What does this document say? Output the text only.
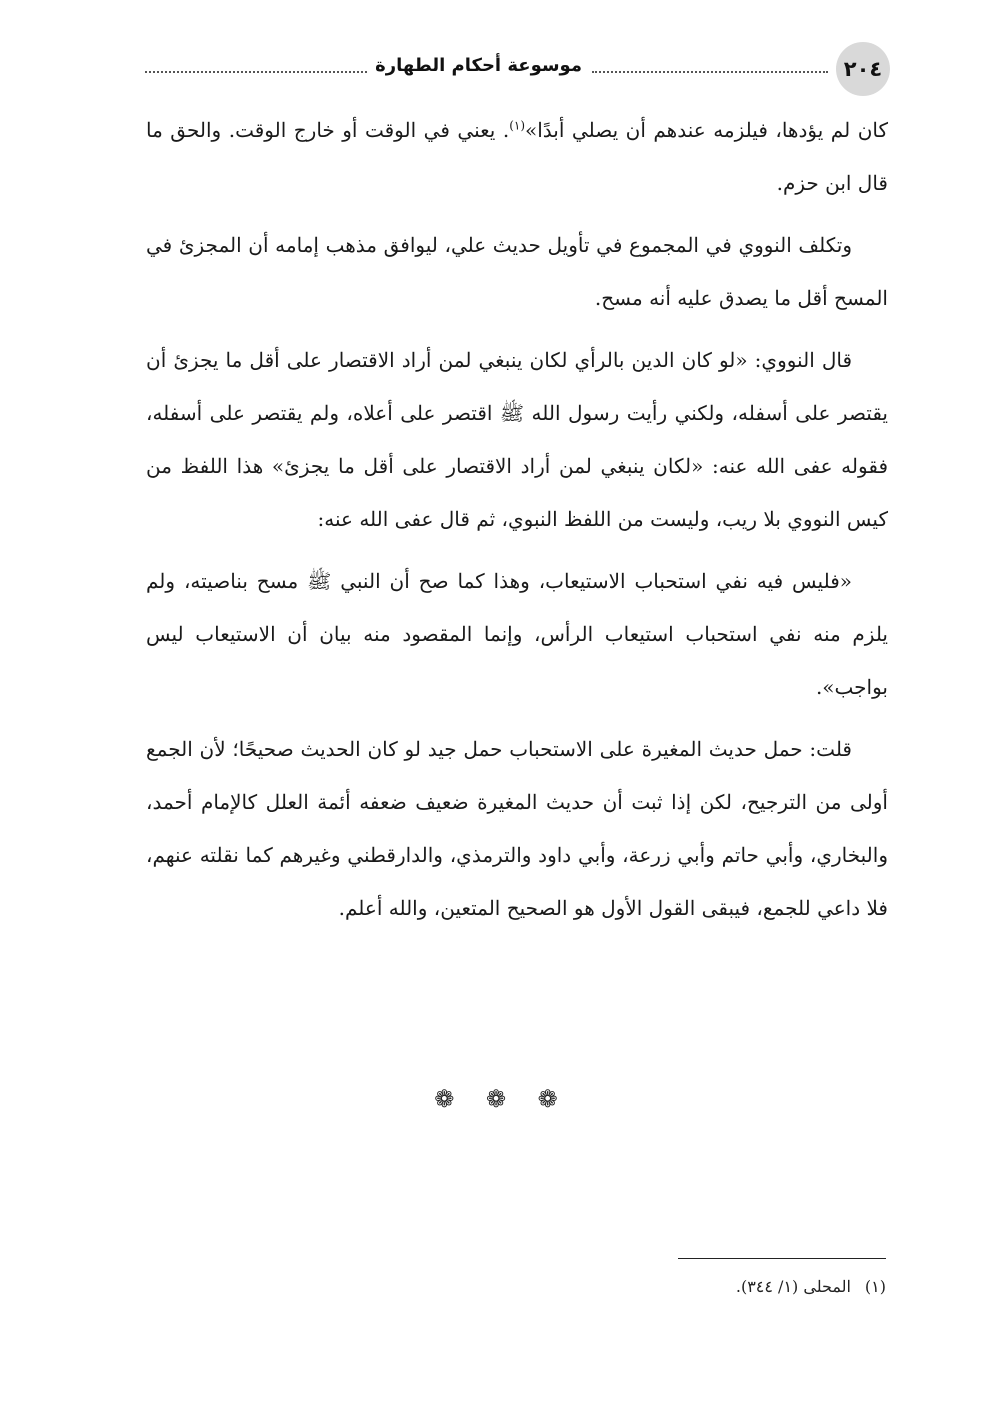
٢٠٤
موسوعة أحكام الطهارة

كان لم يؤدها، فيلزمه عندهم أن يصلي أبدًا»$^{(١)}$. يعني في الوقت أو خارج الوقت. والحق ما قال ابن حزم.

وتكلف النووي في المجموع في تأويل حديث علي، ليوافق مذهب إمامه أن المجزئ في المسح أقل ما يصدق عليه أنه مسح.

قال النووي: «لو كان الدين بالرأي لكان ينبغي لمن أراد الاقتصار على أقل ما يجزئ أن يقتصر على أسفله، ولكني رأيت رسول الله ﷺ اقتصر على أعلاه، ولم يقتصر على أسفله، فقوله عفى الله عنه: «لكان ينبغي لمن أراد الاقتصار على أقل ما يجزئ» هذا اللفظ من كيس النووي بلا ريب، وليست من اللفظ النبوي، ثم قال عفى الله عنه:

«فليس فيه نفي استحباب الاستيعاب، وهذا كما صح أن النبي ﷺ مسح بناصيته، ولم يلزم منه نفي استحباب استيعاب الرأس، وإنما المقصود منه بيان أن الاستيعاب ليس بواجب».

قلت: حمل حديث المغيرة على الاستحباب حمل جيد لو كان الحديث صحيحًا؛ لأن الجمع أولى من الترجيح، لكن إذا ثبت أن حديث المغيرة ضعيف ضعفه أئمة العلل كالإمام أحمد، والبخاري، وأبي حاتم وأبي زرعة، وأبي داود والترمذي، والدارقطني وغيرهم كما نقلته عنهم، فلا داعي للجمع، فيبقى القول الأول هو الصحيح المتعين، والله أعلم.

❁ ❁ ❁
(١)المحلى (١/ ٣٤٤).
